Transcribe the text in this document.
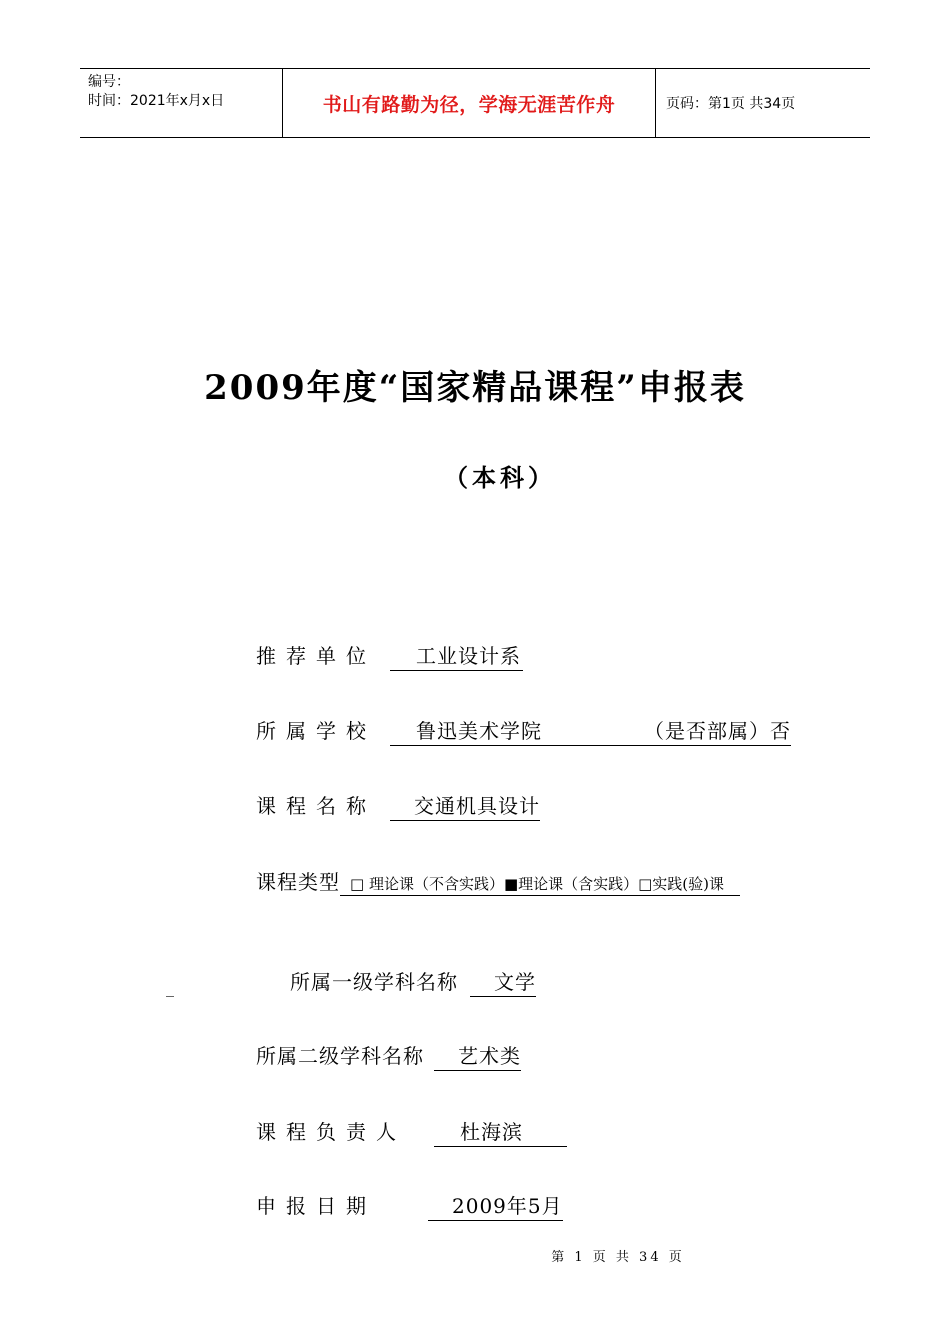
编号：
时间：2021年x月x日	书山有路勤为径，学海无涯苦作舟	页码：第1页 共34页
2009年度“国家精品课程”申报表
（本科）
推荐单位	工业设计系
所属学校 鲁迅美术学院	（是否部属）否
课程名称	交通机具设计
课程类型 □ 理论课（不含实践）■理论课（含实践）□实践(验)课
_	所属一级学科名称	文学
所属二级学科名称	艺术类
课程负责人	杜海滨
申报日期	2009年5月
第 1 页 共 34 页
